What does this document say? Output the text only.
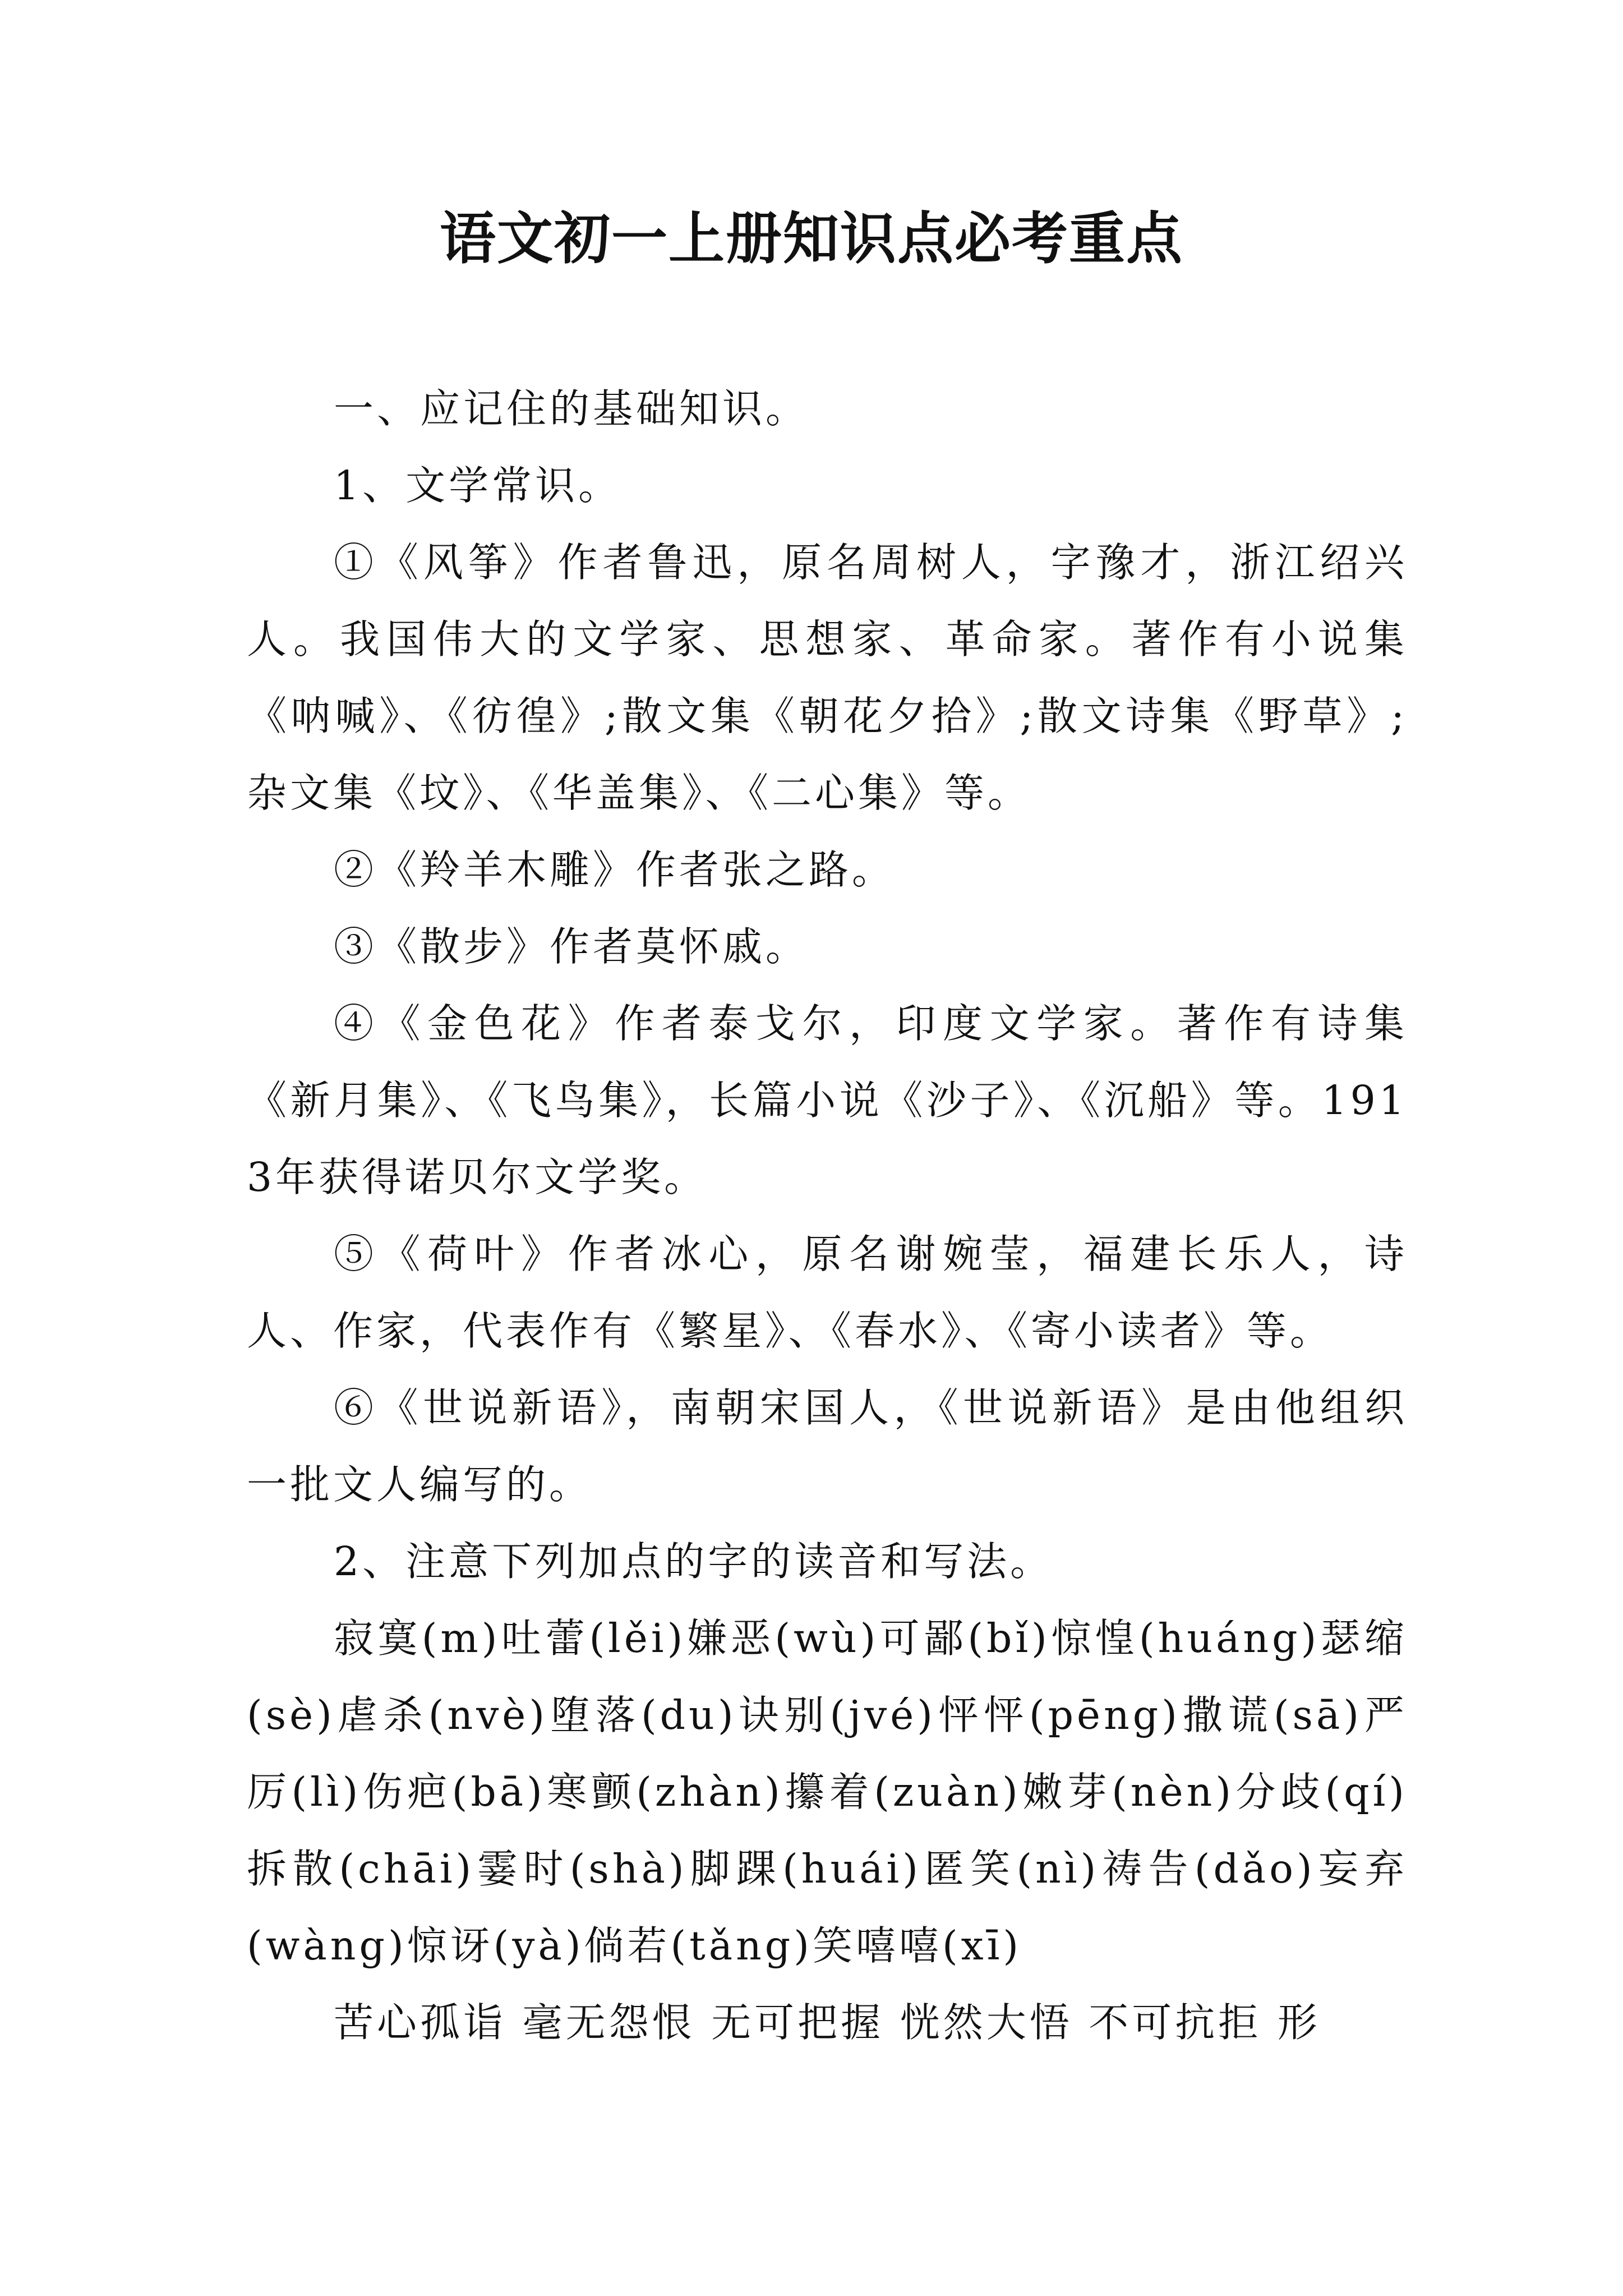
语文初一上册知识点必考重点

一、应记住的基础知识。

1、文学常识。

①《风筝》作者鲁迅，原名周树人，字豫才，浙江绍兴人。我国伟大的文学家、思想家、革命家。著作有小说集《呐喊》、《彷徨》;散文集《朝花夕拾》;散文诗集《野草》;杂文集《坟》、《华盖集》、《二心集》等。

②《羚羊木雕》作者张之路。

③《散步》作者莫怀戚。

④《金色花》作者泰戈尔，印度文学家。著作有诗集《新月集》、《飞鸟集》，长篇小说《沙子》、《沉船》等。1913年获得诺贝尔文学奖。

⑤《荷叶》作者冰心，原名谢婉莹，福建长乐人，诗人、作家，代表作有《繁星》、《春水》、《寄小读者》等。

⑥《世说新语》，南朝宋国人，《世说新语》是由他组织一批文人编写的。

2、注意下列加点的字的读音和写法。

寂寞(m)吐蕾(lěi)嫌恶(wù)可鄙(bǐ)惊惶(huáng)瑟缩(sè)虐杀(nvè)堕落(du)诀别(jvé)怦怦(pēng)撒谎(sā)严厉(lì)伤疤(bā)寒颤(zhàn)攥着(zuàn)嫩芽(nèn)分歧(qí)拆散(chāi)霎时(shà)脚踝(huái)匿笑(nì)祷告(dǎo)妄弃(wàng)惊讶(yà)倘若(tǎng)笑嘻嘻(xī)

苦心孤诣 毫无怨恨 无可把握 恍然大悟 不可抗拒 形
